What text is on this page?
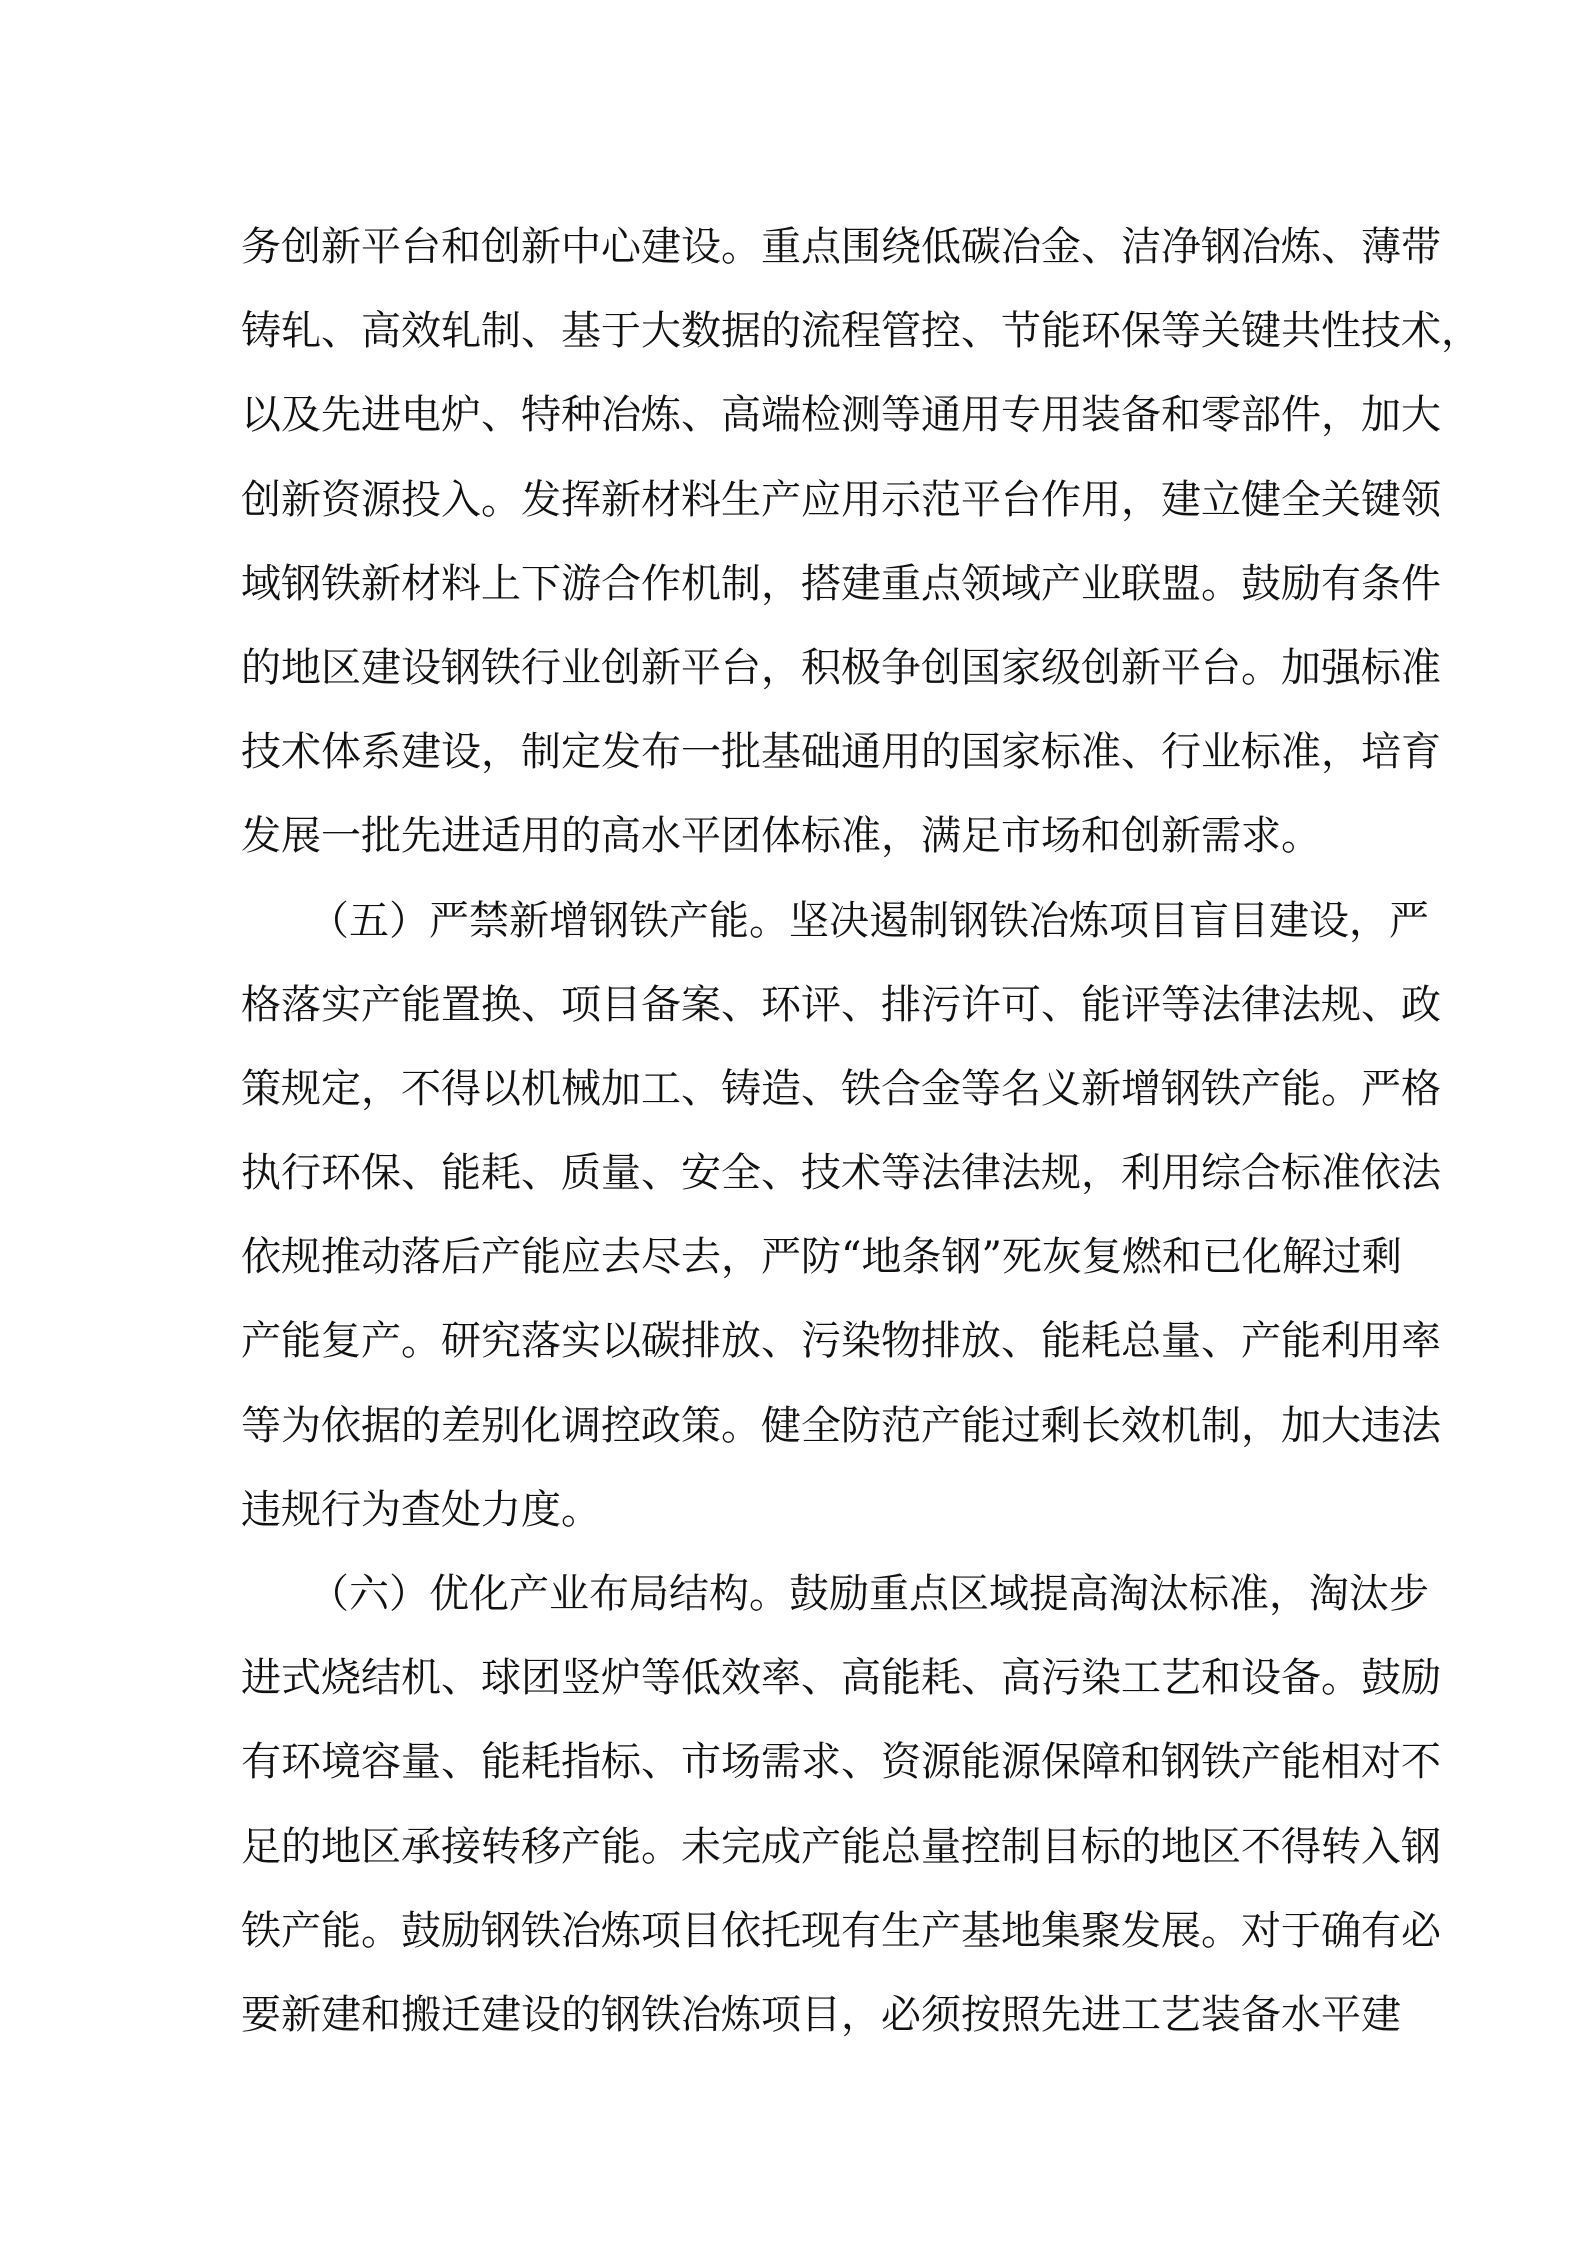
务创新平台和创新中心建设。重点围绕低碳冶金、洁净钢冶炼、薄带
铸轧、高效轧制、基于大数据的流程管控、节能环保等关键共性技术，
以及先进电炉、特种冶炼、高端检测等通用专用装备和零部件，加大
创新资源投入。发挥新材料生产应用示范平台作用，建立健全关键领
域钢铁新材料上下游合作机制，搭建重点领域产业联盟。鼓励有条件
的地区建设钢铁行业创新平台，积极争创国家级创新平台。加强标准
技术体系建设，制定发布一批基础通用的国家标准、行业标准，培育
发展一批先进适用的高水平团体标准，满足市场和创新需求。
（五）严禁新增钢铁产能。坚决遏制钢铁冶炼项目盲目建设，严
格落实产能置换、项目备案、环评、排污许可、能评等法律法规、政
策规定，不得以机械加工、铸造、铁合金等名义新增钢铁产能。严格
执行环保、能耗、质量、安全、技术等法律法规，利用综合标准依法
依规推动落后产能应去尽去，严防“地条钢”死灰复燃和已化解过剩
产能复产。研究落实以碳排放、污染物排放、能耗总量、产能利用率
等为依据的差别化调控政策。健全防范产能过剩长效机制，加大违法
违规行为查处力度。
（六）优化产业布局结构。鼓励重点区域提高淘汰标准，淘汰步
进式烧结机、球团竖炉等低效率、高能耗、高污染工艺和设备。鼓励
有环境容量、能耗指标、市场需求、资源能源保障和钢铁产能相对不
足的地区承接转移产能。未完成产能总量控制目标的地区不得转入钢
铁产能。鼓励钢铁冶炼项目依托现有生产基地集聚发展。对于确有必
要新建和搬迁建设的钢铁冶炼项目，必须按照先进工艺装备水平建
